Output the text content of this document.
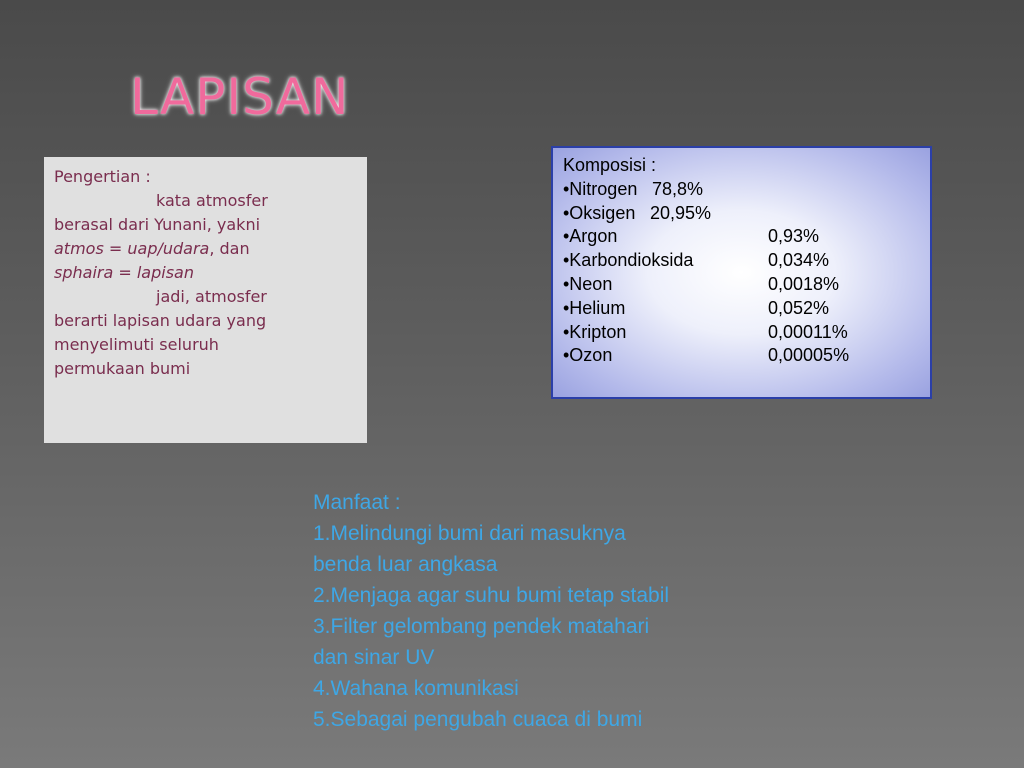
LAPISAN
Pengertian :
kata atmosfer
berasal dari Yunani, yakni
atmos = uap/udara, dan
sphaira = lapisan
jadi, atmosfer
berarti lapisan udara yang
menyelimuti seluruh
permukaan bumi
Komposisi :
•Nitrogen 78,8%
•Oksigen 20,95%
•Argon	0,93%
•Karbondioksida	0,034%
•Neon	0,0018%
•Helium	0,052%
•Kripton	0,00011%
•Ozon	0,00005%
Manfaat :
1.Melindungi bumi dari masuknya
benda luar angkasa
2.Menjaga agar suhu bumi tetap stabil
3.Filter gelombang pendek matahari
dan sinar UV
4.Wahana komunikasi
5.Sebagai pengubah cuaca di bumi
